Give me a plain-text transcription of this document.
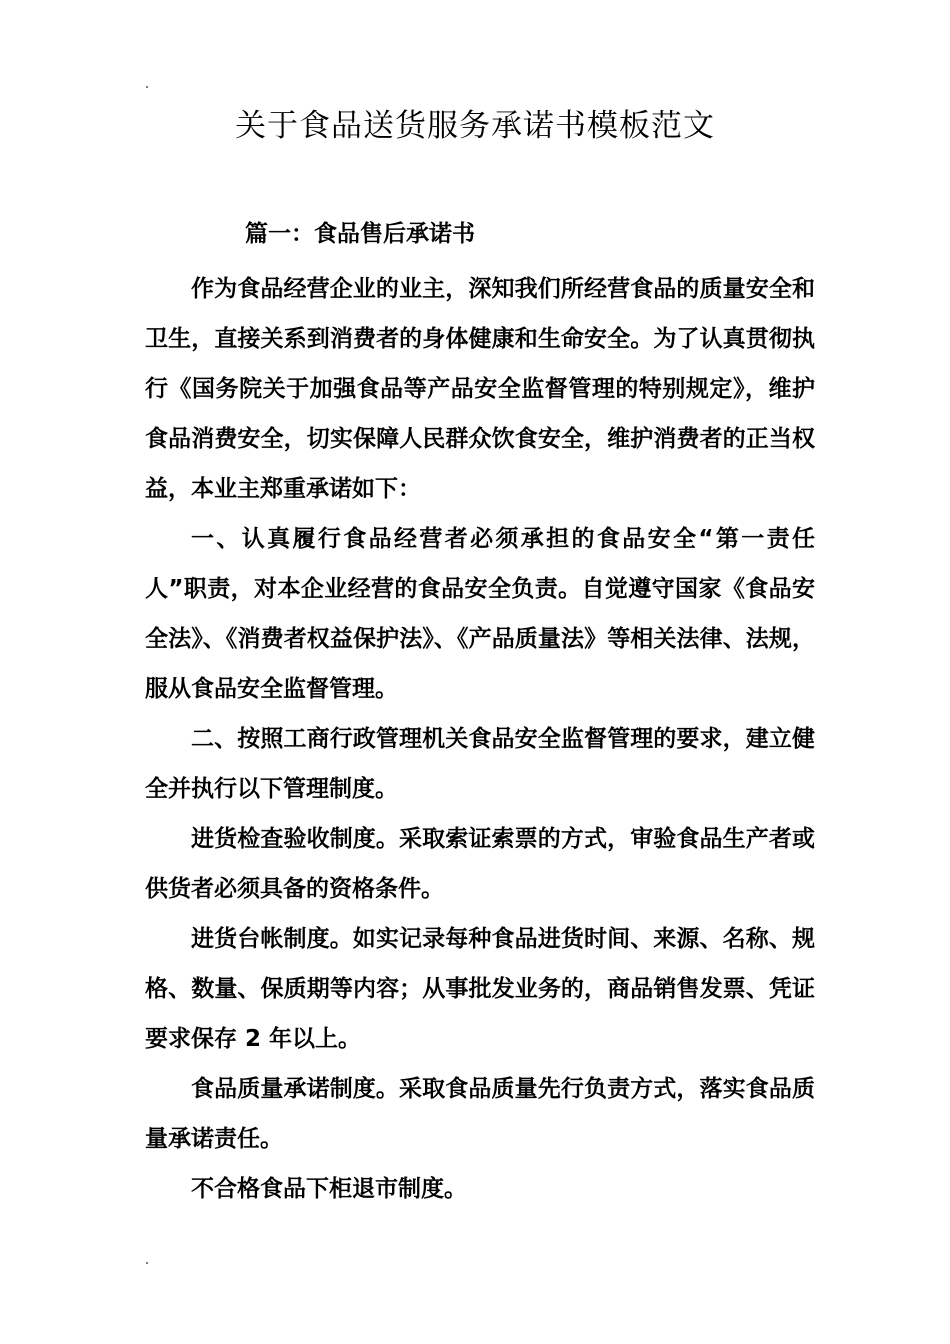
关于食品送货服务承诺书模板范文
篇一：食品售后承诺书

作为食品经营企业的业主，深知我们所经营食品的质量安全和卫生，直接关系到消费者的身体健康和生命安全。为了认真贯彻执行《国务院关于加强食品等产品安全监督管理的特别规定》，维护食品消费安全，切实保障人民群众饮食安全，维护消费者的正当权益，本业主郑重承诺如下：

一、认真履行食品经营者必须承担的食品安全“第一责任人”职责，对本企业经营的食品安全负责。自觉遵守国家《食品安全法》、《消费者权益保护法》、《产品质量法》等相关法律、法规，服从食品安全监督管理。

二、按照工商行政管理机关食品安全监督管理的要求，建立健全并执行以下管理制度。

进货检查验收制度。采取索证索票的方式，审验食品生产者或供货者必须具备的资格条件。

进货台帐制度。如实记录每种食品进货时间、来源、名称、规格、数量、保质期等内容；从事批发业务的，商品销售发票、凭证要求保存 2 年以上。

食品质量承诺制度。采取食品质量先行负责方式，落实食品质量承诺责任。

不合格食品下柜退市制度。
